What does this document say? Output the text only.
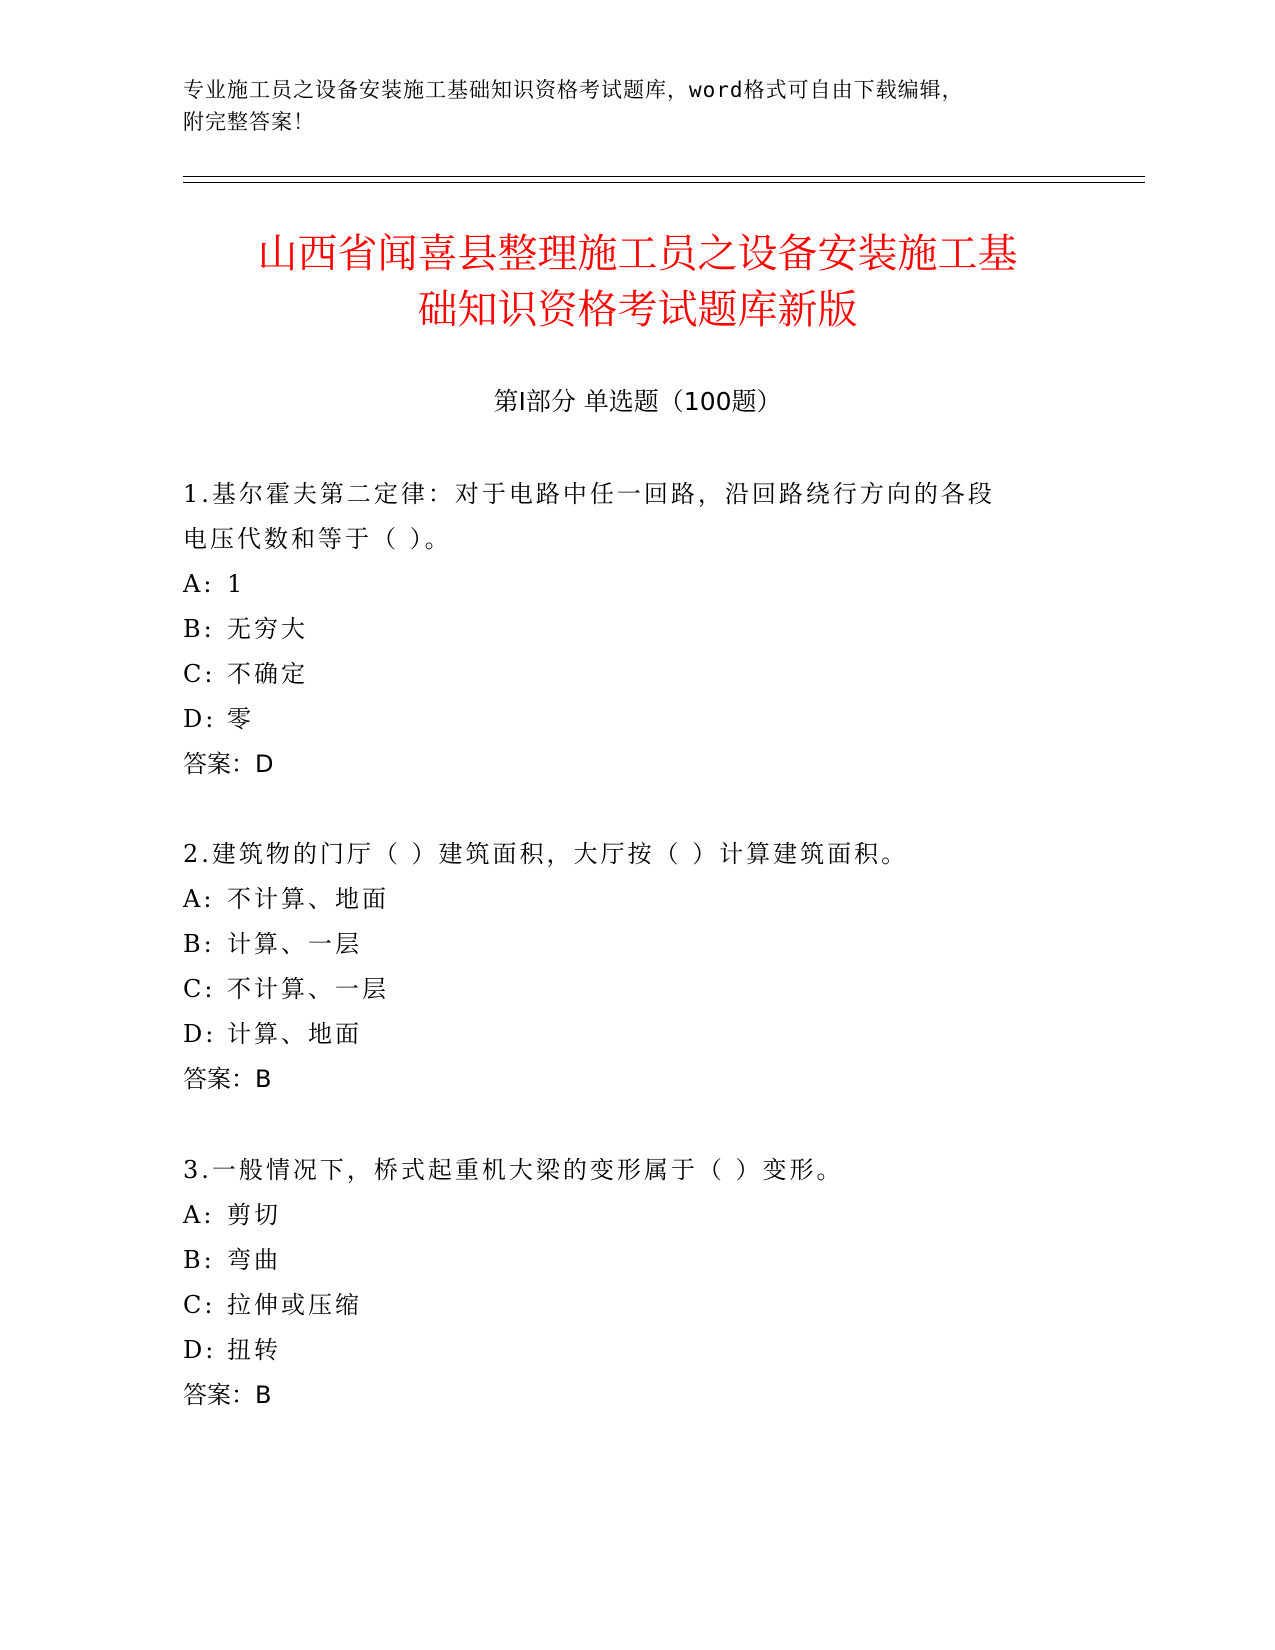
专业施工员之设备安装施工基础知识资格考试题库，word格式可自由下载编辑，
附完整答案！
山西省闻喜县整理施工员之设备安装施工基
础知识资格考试题库新版
第Ⅰ部分 单选题（100题）
1.基尔霍夫第二定律：对于电路中任一回路，沿回路绕行方向的各段
电压代数和等于（ ）。
A: 1
B: 无穷大
C: 不确定
D: 零
答案：D
2.建筑物的门厅（ ）建筑面积，大厅按（ ）计算建筑面积。
A: 不计算、地面
B: 计算、一层
C: 不计算、一层
D: 计算、地面
答案：B
3.一般情况下，桥式起重机大梁的变形属于（ ）变形。
A: 剪切
B: 弯曲
C: 拉伸或压缩
D: 扭转
答案：B
